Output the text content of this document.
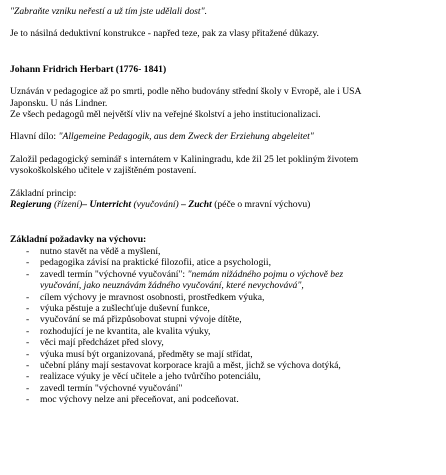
"Zabraňte vzniku neřestí a už tím jste udělali dost".

Je to násilná deduktivní konstrukce - napřed teze, pak za vlasy přitažené důkazy.

Johann Fridrich Herbart (1776- 1841)

Uznáván v pedagogice až po smrti, podle něho budovány střední školy v Evropě, ale i USA

Japonsku. U nás Lindner.

Ze všech pedagogů měl největší vliv na veřejné školství a jeho institucionalizaci.

Hlavní dílo: "Allgemeine Pedagogik, aus dem Zweck der Erziehung abgeleitet"

Založil pedagogický seminář s internátem v Kaliningradu, kde žil 25 let pokliným životem

vysokoškolského učitele v zajištěném postavení.

Základní princip:

Regierung (řízení)– Unterricht (vyučování) – Zucht (péče o mravní výchovu)

Základní požadavky na výchovu:

- nutno stavět na vědě a myšlení,
- pedagogika závisí na praktické filozofii, atice a psychologii,
- zavedl termín "výchovné vyučování": "nemám nižádného pojmu o výchově bez
vyučování, jako neuznávám žádného vyučování, které nevychovává",
- cílem výchovy je mravnost osobnosti, prostředkem výuka,
- výuka pěstuje a zušlechťuje duševní funkce,
- vyučování se má přizpůsobovat stupni vývoje dítěte,
- rozhodující je ne kvantita, ale kvalita výuky,
- věci mají předcházet před slovy,
- výuka musí být organizovaná, předměty se mají střídat,
- učební plány mají sestavovat korporace krajů a měst, jichž se výchova dotýká,
- realizace výuky je věcí učitele a jeho tvůrčího potenciálu,
- zavedl termín "výchovné vyučování"
- moc výchovy nelze ani přeceňovat, ani podceňovat.
